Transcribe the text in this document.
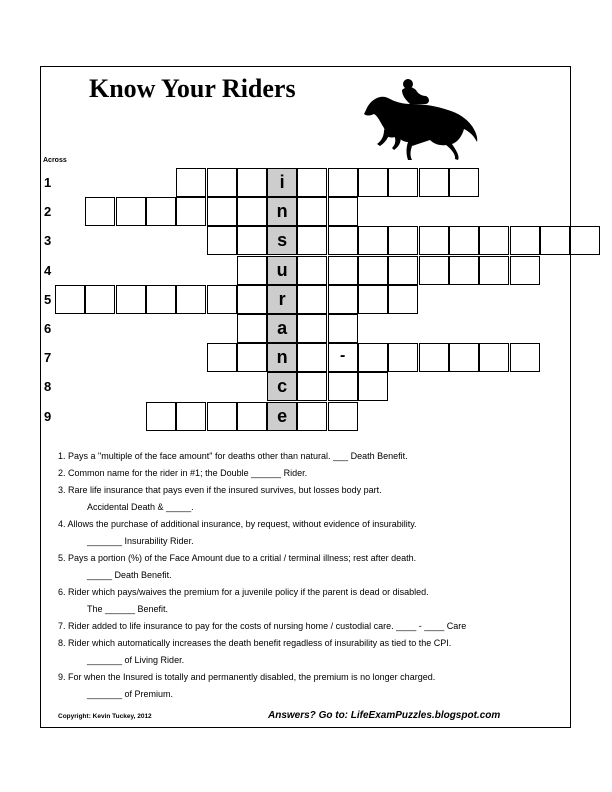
Know Your Riders
Across
1	i
2	n
3	s
4	u
5	r
6	a
7	n	-
8	c
9	e
1. Pays a "multiple of the face amount" for deaths other than natural. ___ Death Benefit.
2. Common name for the rider in #1; the Double ______ Rider.
3. Rare life insurance that pays even if the insured survives, but losses body part.
Accidental Death & _____.
4. Allows the purchase of additional insurance, by request, without evidence of insurability.
_______ Insurability Rider.
5. Pays a portion (%) of the Face Amount due to a critial / terminal illness; rest after death.
_____ Death Benefit.
6. Rider which pays/waives the premium for a juvenile policy if the parent is dead or disabled.
The ______ Benefit.
7. Rider added to life insurance to pay for the costs of nursing home / custodial care. ____ - ____ Care
8. Rider which automatically increases the death benefit regadless of insurability as tied to the CPI.
_______ of Living Rider.
9. For when the Insured is totally and permanently disabled, the premium is no longer charged.
_______ of Premium.
Copyright: Kevin Tuckey, 2012	Answers? Go to: LifeExamPuzzles.blogspot.com
